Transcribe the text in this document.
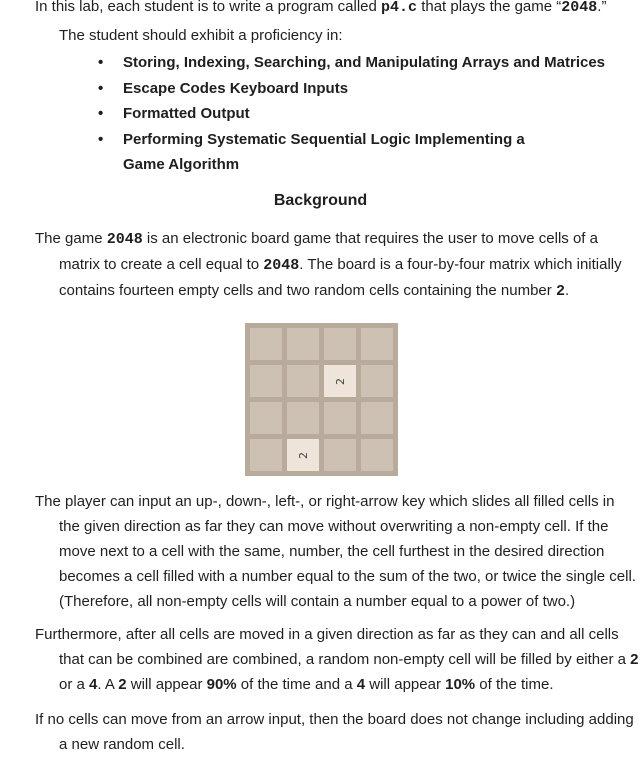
In this lab, each student is to write a program called p4.c that plays the game “2048.”

The student should exhibit a proficiency in:

• Storing, Indexing, Searching, and Manipulating Arrays and Matrices
• Escape Codes Keyboard Inputs
• Formatted Output
• Performing Systematic Sequential Logic Implementing a Game Algorithm
Background

The game 2048 is an electronic board game that requires the user to move cells of a matrix to create a cell equal to 2048. The board is a four-by-four matrix which initially contains fourteen empty cells and two random cells containing the number 2.

2
2

The player can input an up-, down-, left-, or right-arrow key which slides all filled cells in the given direction as far they can move without overwriting a non-empty cell. If the move next to a cell with the same, number, the cell furthest in the desired direction becomes a cell filled with a number equal to the sum of the two, or twice the single cell. (Therefore, all non-empty cells will contain a number equal to a power of two.)

Furthermore, after all cells are moved in a given direction as far as they can and all cells that can be combined are combined, a random non-empty cell will be filled by either a 2 or a 4. A 2 will appear 90% of the time and a 4 will appear 10% of the time.

If no cells can move from an arrow input, then the board does not change including adding a new random cell.
